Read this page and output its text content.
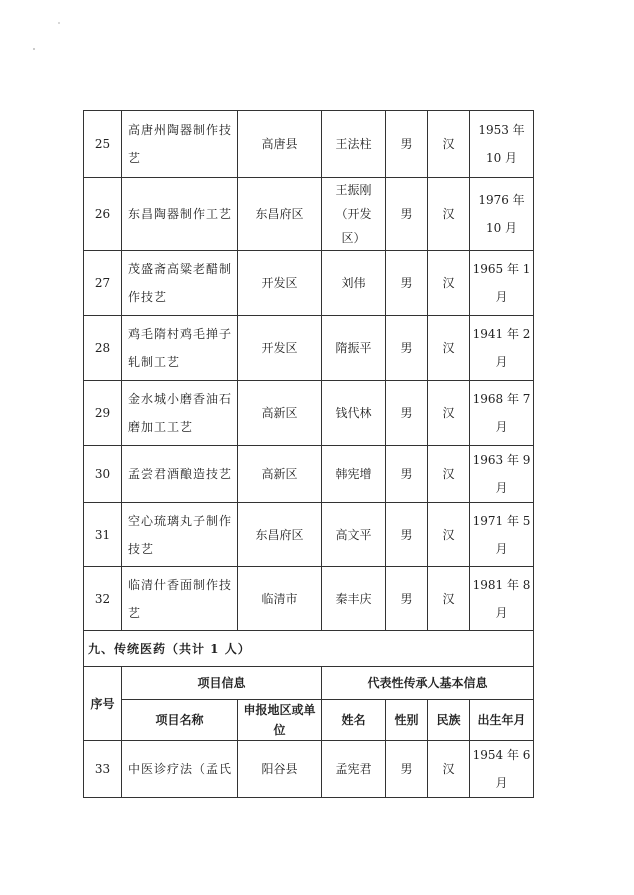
25	高唐州陶器制作技艺	高唐县	王法柱	男	汉	1953 年 10 月
26	东昌陶器制作工艺	东昌府区	王振刚（开发区）	男	汉	1976 年 10 月
27	茂盛斋高粱老醋制作技艺	开发区	刘伟	男	汉	1965 年 1 月
28	鸡毛隋村鸡毛掸子轧制工艺	开发区	隋振平	男	汉	1941 年 2 月
29	金水城小磨香油石磨加工工艺	高新区	钱代林	男	汉	1968 年 7 月
30	孟尝君酒酿造技艺	高新区	韩宪增	男	汉	1963 年 9 月
31	空心琉璃丸子制作技艺	东昌府区	高文平	男	汉	1971 年 5 月
32	临清什香面制作技艺	临清市	秦丰庆	男	汉	1981 年 8 月
九、传统医药（共计 1 人）						
序号	项目信息		代表性传承人基本信息			
	项目名称	申报地区或单位	姓名	性别	民族	出生年月
33	中医诊疗法（孟氏	阳谷县	孟宪君	男	汉	1954 年 6 月
